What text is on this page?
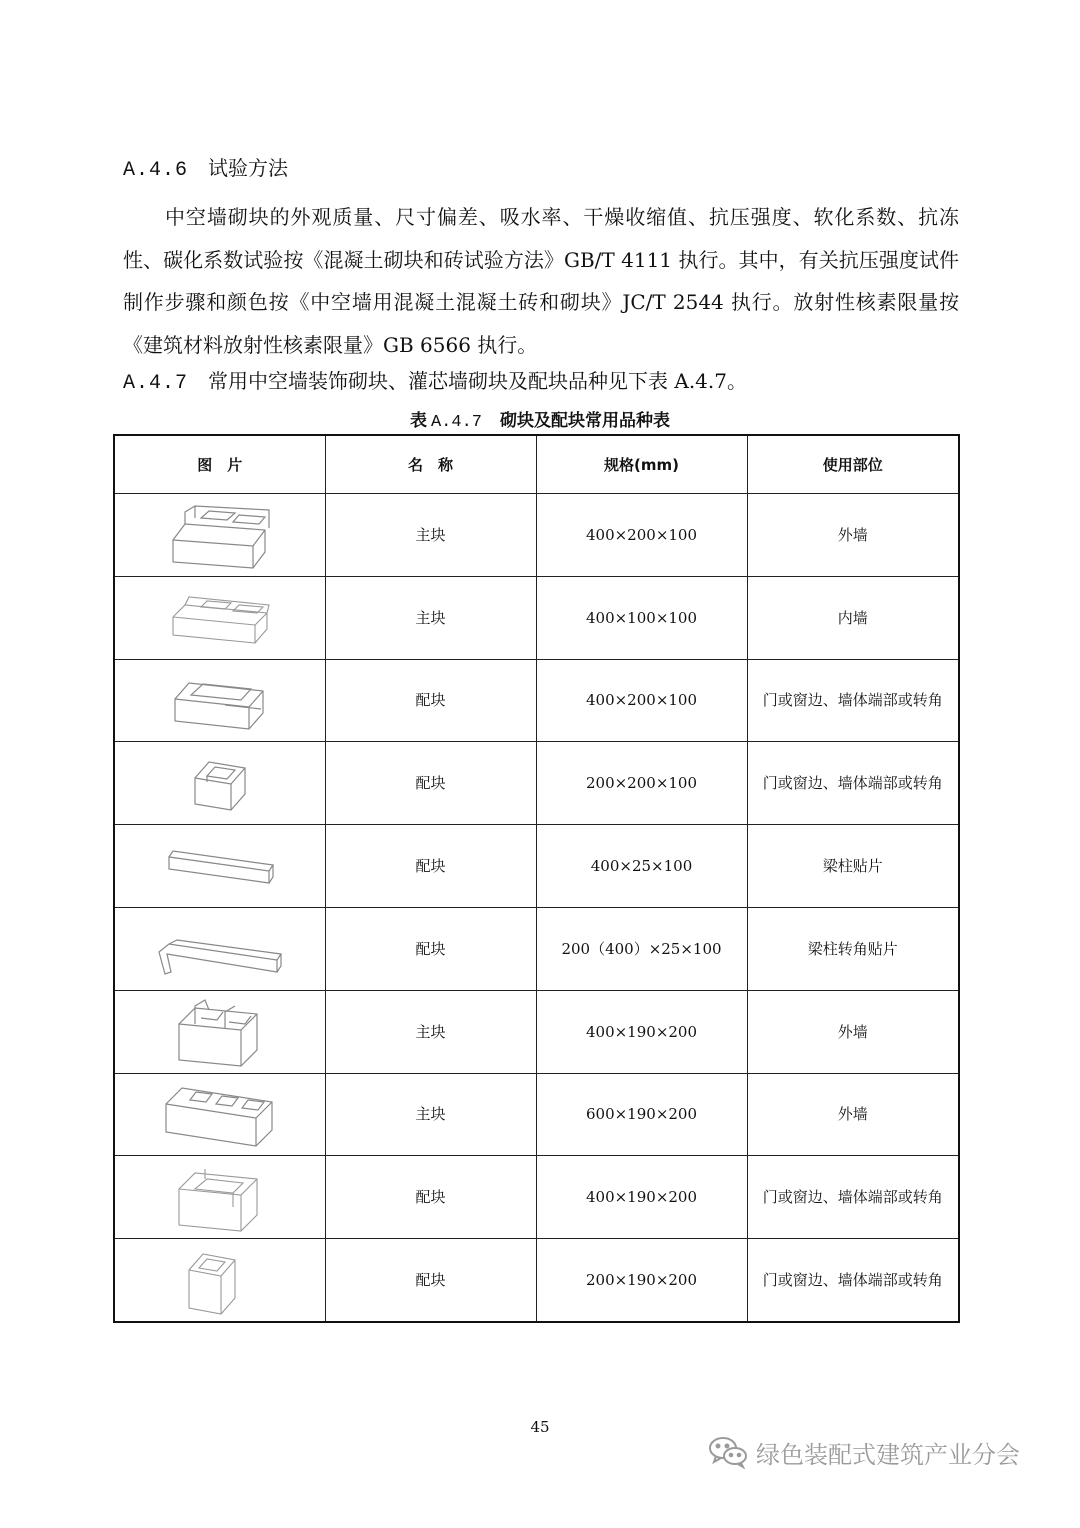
A.4.6 试验方法
中空墙砌块的外观质量、尺寸偏差、吸水率、干燥收缩值、抗压强度、软化系数、抗冻性、碳化系数试验按《混凝土砌块和砖试验方法》GB/T 4111 执行。其中，有关抗压强度试件制作步骤和颜色按《中空墙用混凝土混凝土砖和砌块》JC/T 2544 执行。放射性核素限量按《建筑材料放射性核素限量》GB 6566 执行。
A.4.7 常用中空墙装饰砌块、灌芯墙砌块及配块品种见下表 A.4.7。
表 A.4.7 砌块及配块常用品种表
图　片	名　称	规格(mm)	使用部位

	主块	400×200×100	外墙

	主块	400×100×100	内墙

	配块	400×200×100	门或窗边、墙体端部或转角

	配块	200×200×100	门或窗边、墙体端部或转角

	配块	400×25×100	梁柱贴片

	配块	200（400）×25×100	梁柱转角贴片

	主块	400×190×200	外墙

	主块	600×190×200	外墙

	配块	400×190×200	门或窗边、墙体端部或转角

	配块	200×190×200	门或窗边、墙体端部或转角
45
绿色装配式建筑产业分会
